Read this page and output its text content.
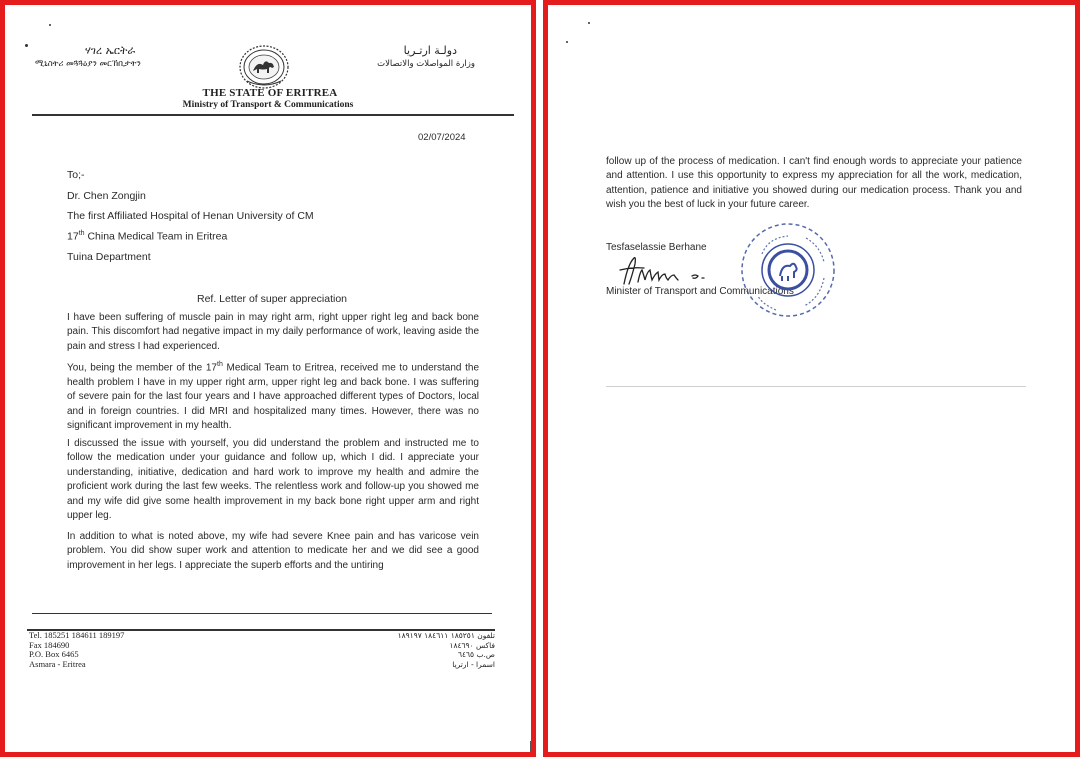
ሃገረ ኤርትራ
ሚኒስትሪ መጓጓዕያን መርኸቢታትን
دولـة ارتـريا
وزارة المواصلات والاتصالات
THE STATE OF ERITREA
Ministry of Transport & Communications
02/07/2024
To;-
Dr. Chen Zongjin
The first Affiliated Hospital of Henan University of CM
17th China Medical Team in Eritrea
Tuina Department
Ref. Letter of super appreciation
I have been suffering of muscle pain in may right arm, right upper right leg and back bone pain. This discomfort had negative impact in my daily performance of work, leaving aside the pain and stress I had experienced.
You, being the member of the 17th Medical Team to Eritrea, received me to understand the health problem I have in my upper right arm, upper right leg and back bone. I was suffering of severe pain for the last four years and I have approached different types of Doctors, local and in foreign countries. I did MRI and hospitalized many times. However, there was no significant improvement in my health.
I discussed the issue with yourself, you did understand the problem and instructed me to follow the medication under your guidance and follow up, which I did. I appreciate your understanding, initiative, dedication and hard work to improve my health and admire the proficient work during the last few weeks. The relentless work and follow-up you showed me and my wife did give some health improvement in my back bone right upper arm and right upper leg.
In addition to what is noted above, my wife had severe Knee pain and has varicose vein problem. You did show super work and attention to medicate her and we did see a good improvement in her legs. I appreciate the superb efforts and the untiring
Tel. 185251 184611 189197
Fax 184690
P.O. Box 6465
Asmara - Eritrea
تلفون ١٨٥٢٥١ ١٨٤٦١١ ١٨٩١٩٧
فاكس ١٨٤٦٩٠
ص.ب ٦٤٦٥
اسمرا - ارتريا
follow up of the process of medication. I can't find enough words to appreciate your patience and attention. I use this opportunity to express my appreciation for all the work, medication, attention, patience and initiative you showed during our medication process. Thank you and wish you the best of luck in your future career.
Tesfaselassie Berhane
Minister of Transport and Communications
